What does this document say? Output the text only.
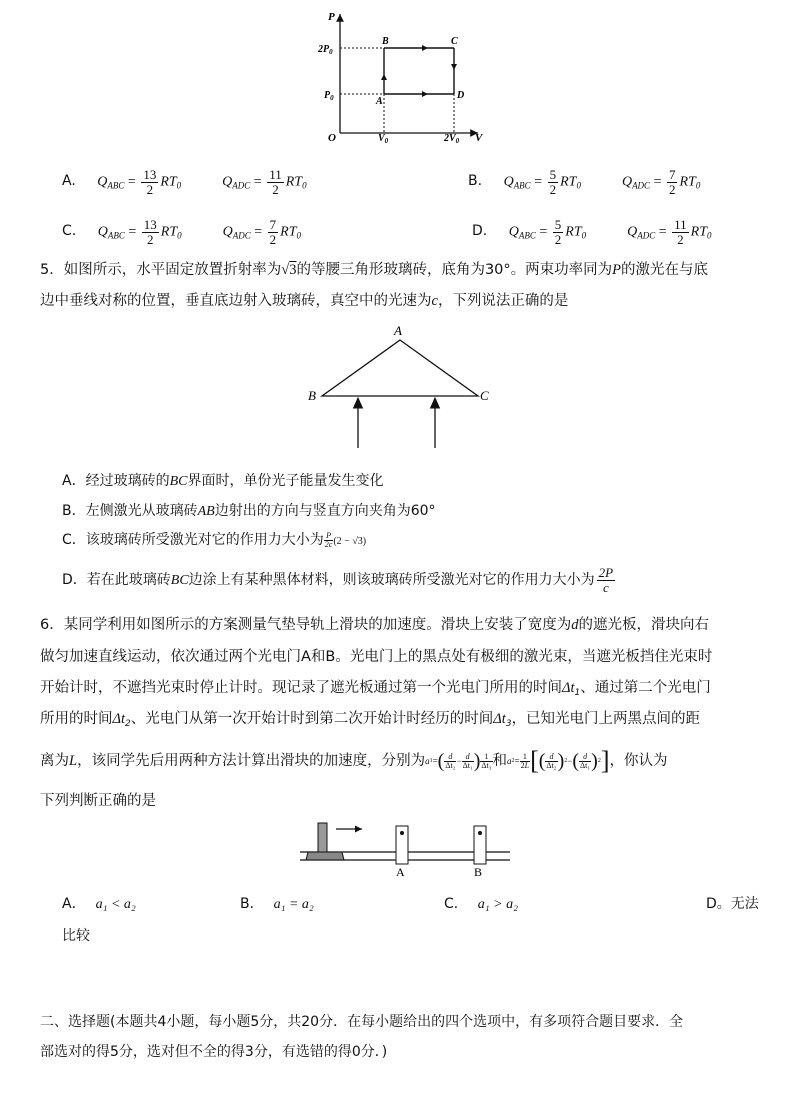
P
V
O
$2P_0$
$P_0$
$V_0$	$2V_0$
A
B	C
D
A. $Q_{ABC} = \frac{13}{2} RT_0$	$Q_{ADC} = \frac{11}{2} RT_0$	B. $Q_{ABC} = \frac{5}{2} RT_0$	$Q_{ADC} = \frac{7}{2} RT_0$
C. $Q_{ABC} = \frac{13}{2} RT_0$	$Q_{ADC} = \frac{7}{2} RT_0$	D. $Q_{ABC} = \frac{5}{2} RT_0$	$Q_{ADC} = \frac{11}{2} RT_0$
5．如图所示，水平固定放置折射率为√3的等腰三角形玻璃砖，底角为30°。两束功率同为P的激光在与底
边中垂线对称的位置，垂直底边射入玻璃砖，真空中的光速为c，下列说法正确的是
A
B	C
A．经过玻璃砖的BC界面时，单份光子能量发生变化
B．左侧激光从玻璃砖AB边射出的方向与竖直方向夹角为60°
C．该玻璃砖所受激光对它的作用力大小为 $\frac{P}{2c} (2 - √3)$
D．若在此玻璃砖BC边涂上有某种黑体材料，则该玻璃砖所受激光对它的作用力大小为 $\frac{2P}{c}$
6．某同学利用如图所示的方案测量气垫导轨上滑块的加速度。滑块上安装了宽度为d的遮光板，滑块向右
做匀加速直线运动，依次通过两个光电门A和B。光电门上的黑点处有极细的激光束，当遮光板挡住光束时
开始计时，不遮挡光束时停止计时。现记录了遮光板通过第一个光电门所用的时间$\Delta t_1$、通过第二个光电门
所用的时间$\Delta t_2$、光电门从第一次开始计时到第二次开始计时经历的时间$\Delta t_3$，已知光电门上两黑点间的距
离为 L ，该同学先后用两种方法计算出滑块的加速度，分别为 a 1 = ( d
Δt₂ − d
Δt₁ ) 1
Δt₃ 和 a 2 = 1
2L [ ( d
Δt₂ ) 2 − ( d
Δt₁ ) 2 ] ，你认为
下列判断正确的是
A	B
A． a₁ < a₂	B． a₁ = a₂	C． a₁ > a₂	D。无法
比较
二、选择题(本题共4小题，每小题5分，共20分．在每小题给出的四个选项中，有多项符合题目要求．全
部选对的得5分，选对但不全的得3分，有选错的得0分．)
